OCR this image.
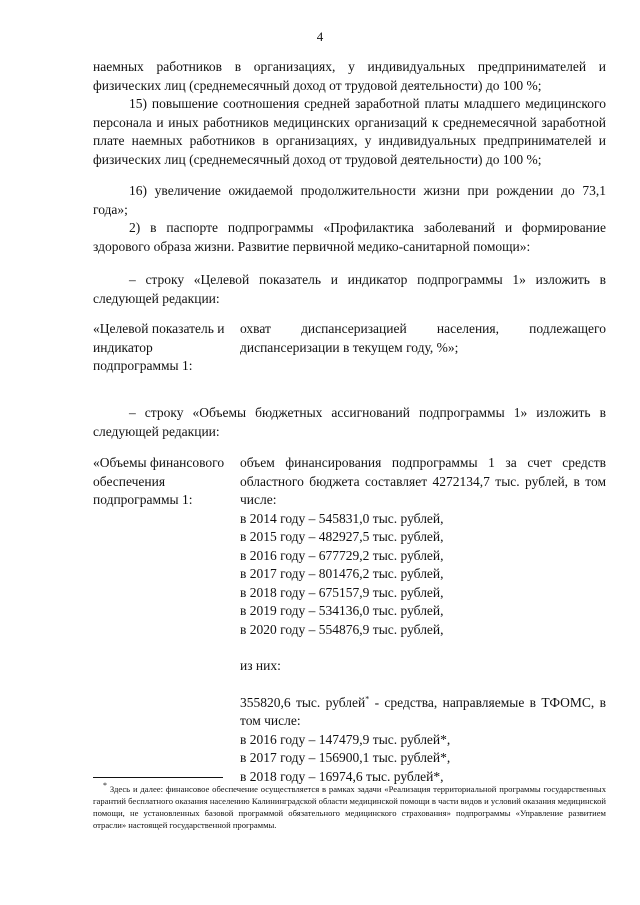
4

наемных работников в организациях, у индивидуальных предпринимателей и физических лиц (среднемесячный доход от трудовой деятельности) до 100 %;

15) повышение соотношения средней заработной платы младшего медицинского персонала и иных работников медицинских организаций к среднемесячной заработной плате наемных работников в организациях, у индивидуальных предпринимателей и физических лиц (среднемесячный доход от трудовой деятельности) до 100 %;

16) увеличение ожидаемой продолжительности жизни при рождении до 73,1 года»;

2) в паспорте подпрограммы «Профилактика заболеваний и формирование здорового образа жизни. Развитие первичной медико-санитарной помощи»:

– строку «Целевой показатель и индикатор подпрограммы 1» изложить в следующей редакции:

«Целевой показатель и индикатор подпрограммы 1:

охват диспансеризацией населения, подлежащего диспансеризации в текущем году, %»;

– строку «Объемы бюджетных ассигнований подпрограммы 1» изложить в следующей редакции:

«Объемы финансового обеспечения подпрограммы 1:

объем финансирования подпрограммы 1 за счет средств областного бюджета составляет 4272134,7 тыс. рублей, в том числе:
в 2014 году – 545831,0 тыс. рублей,
в 2015 году – 482927,5 тыс. рублей,
в 2016 году – 677729,2 тыс. рублей,
в 2017 году – 801476,2 тыс. рублей,
в 2018 году – 675157,9 тыс. рублей,
в 2019 году – 534136,0 тыс. рублей,
в 2020 году – 554876,9 тыс. рублей,
из них:
355820,6 тыс. рублей* - средства, направляемые в ТФОМС, в том числе:
в 2016 году – 147479,9 тыс. рублей*,
в 2017 году – 156900,1 тыс. рублей*,
в 2018 году – 16974,6 тыс. рублей*,

* Здесь и далее: финансовое обеспечение осуществляется в рамках задачи «Реализация территориальной программы государственных гарантий бесплатного оказания населению Калининградской области медицинской помощи в части видов и условий оказания медицинской помощи, не установленных базовой программой обязательного медицинского страхования» подпрограммы «Управление развитием отрасли» настоящей государственной программы.
